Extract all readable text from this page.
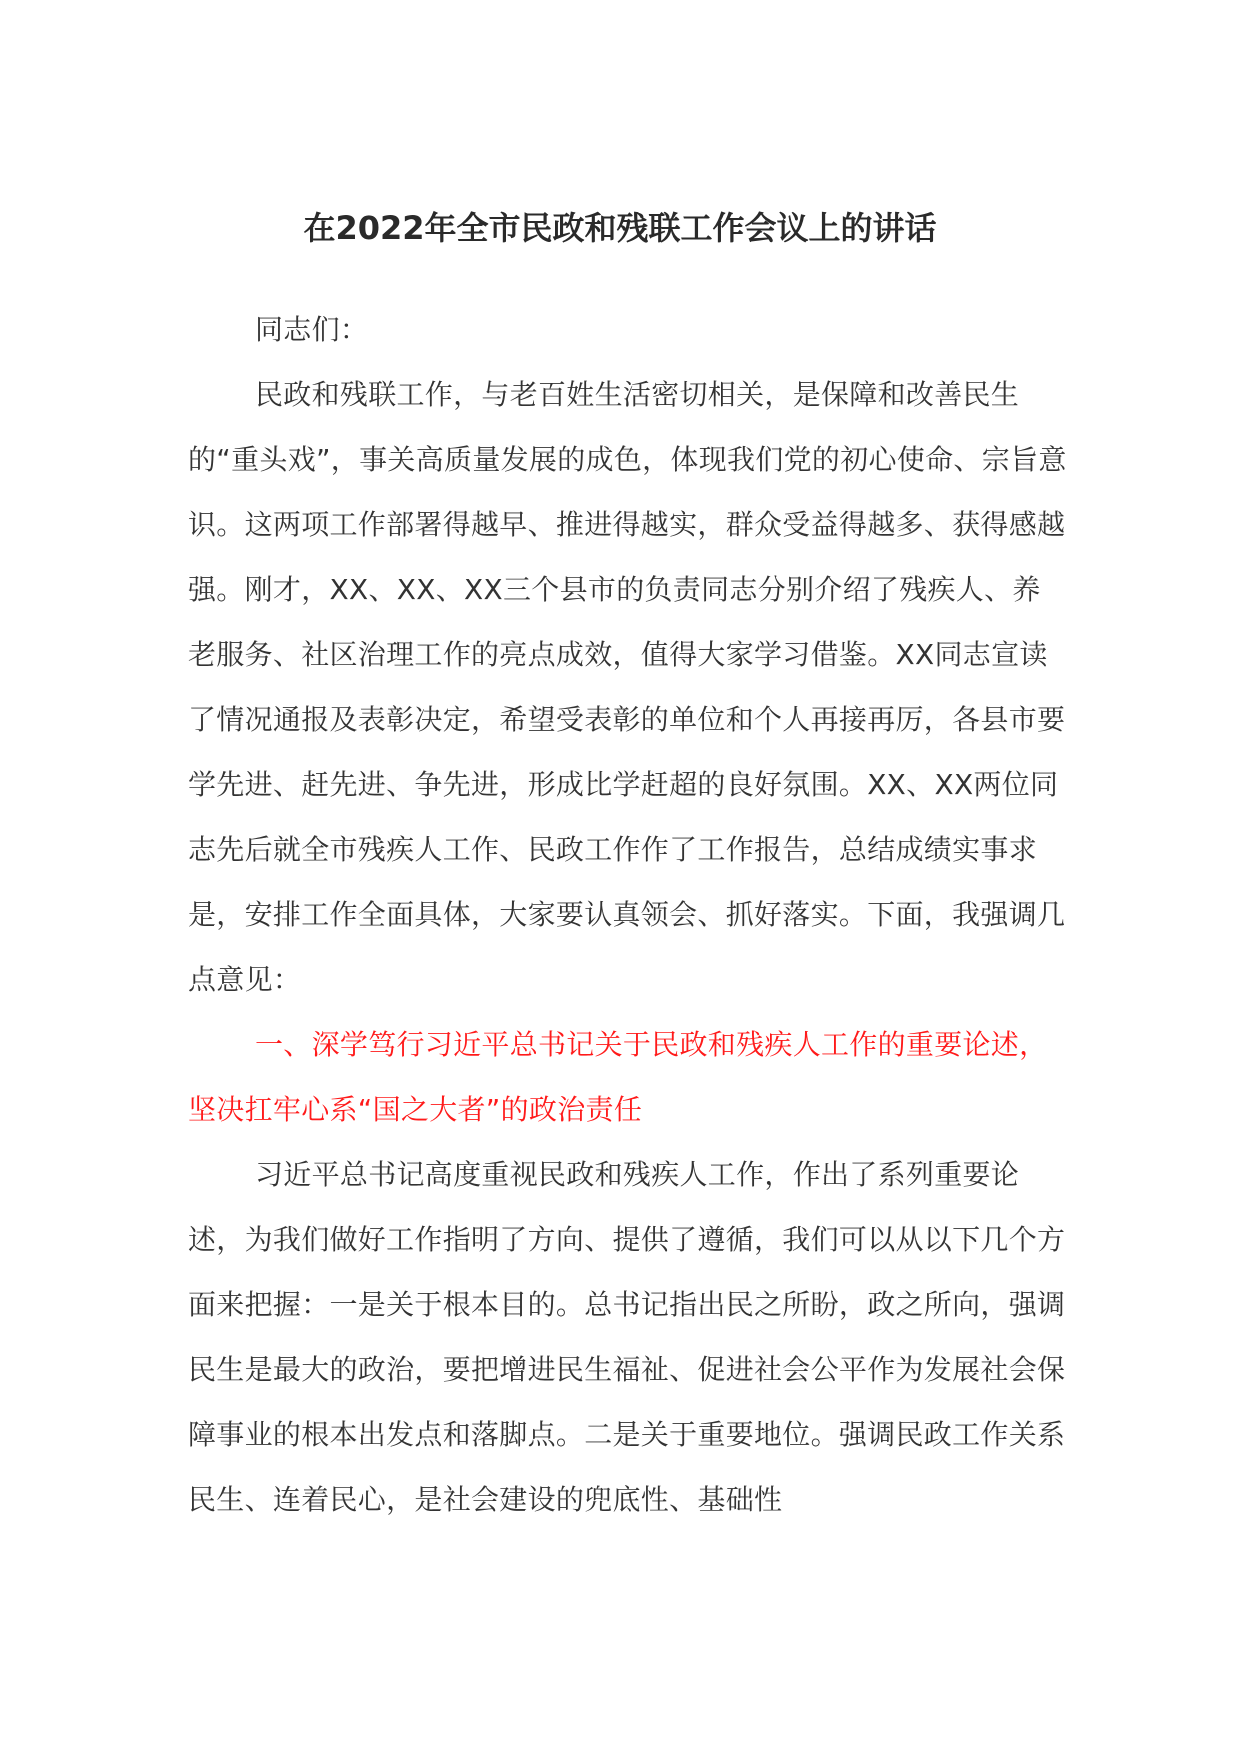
在2022年全市民政和残联工作会议上的讲话

同志们：

民政和残联工作，与老百姓生活密切相关，是保障和改善民生的“重头戏”，事关高质量发展的成色，体现我们党的初心使命、宗旨意识。这两项工作部署得越早、推进得越实，群众受益得越多、获得感越强。刚才，XX、XX、XX三个县市的负责同志分别介绍了残疾人、养老服务、社区治理工作的亮点成效，值得大家学习借鉴。XX同志宣读了情况通报及表彰决定，希望受表彰的单位和个人再接再厉，各县市要学先进、赶先进、争先进，形成比学赶超的良好氛围。XX、XX两位同志先后就全市残疾人工作、民政工作作了工作报告，总结成绩实事求是，安排工作全面具体，大家要认真领会、抓好落实。下面，我强调几点意见：

一、深学笃行习近平总书记关于民政和残疾人工作的重要论述，坚决扛牢心系“国之大者”的政治责任

习近平总书记高度重视民政和残疾人工作，作出了系列重要论述，为我们做好工作指明了方向、提供了遵循，我们可以从以下几个方面来把握：一是关于根本目的。总书记指出民之所盼，政之所向，强调民生是最大的政治，要把增进民生福祉、促进社会公平作为发展社会保障事业的根本出发点和落脚点。二是关于重要地位。强调民政工作关系民生、连着民心，是社会建设的兜底性、基础性
